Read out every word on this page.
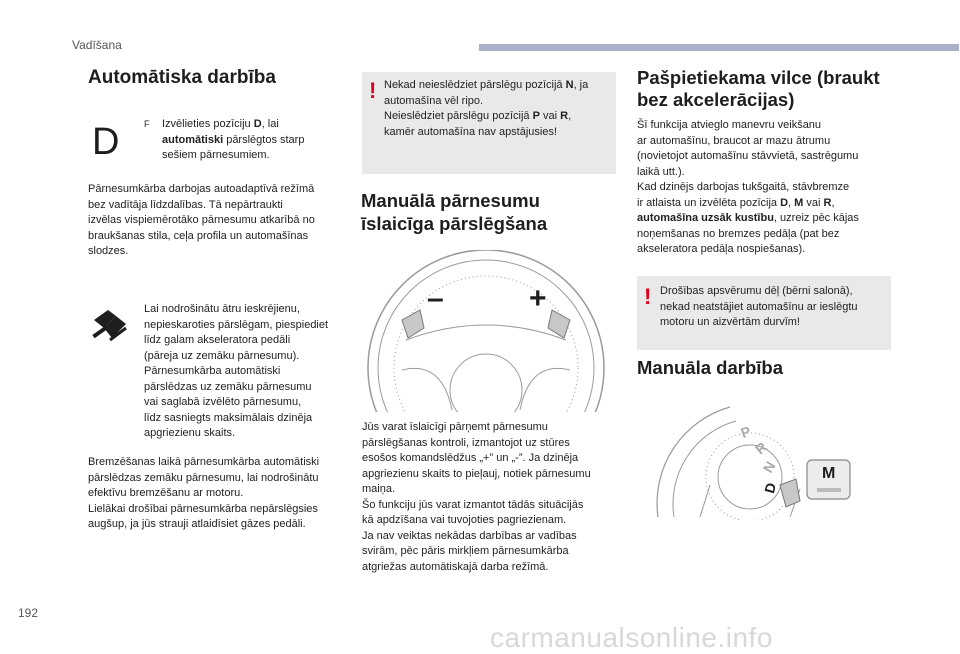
Vadīšana
Automātiska darbība
D	F Izvēlieties pozīciju D, lai
automātiski pārslēgtos starp
sešiem pārnesumiem.
Pārnesumkārba darbojas autoadaptīvā režīmā
bez vadītāja līdzdalības. Tā nepārtraukti
izvēlas vispiemērotāko pārnesumu atkarībā no
braukšanas stila, ceļa profila un automašīnas
slodzes.
Lai nodrošinātu ātru ieskrējienu,
nepieskaroties pārslēgam, piespiediet
līdz galam akseleratora pedāli
(pāreja uz zemāku pārnesumu).
Pārnesumkārba automātiski
pārslēdzas uz zemāku pārnesumu
vai saglabā izvēlēto pārnesumu,
līdz sasniegts maksimālais dzinēja
apgriezienu skaits.
Bremzēšanas laikā pārnesumkārba automātiski
pārslēdzas zemāku pārnesumu, lai nodrošinātu
efektīvu bremzēšanu ar motoru.
Lielākai drošībai pārnesumkārba nepārslēgsies
augšup, ja jūs strauji atlaidīsiet gāzes pedāli.
! Nekad neieslēdziet pārslēgu pozīcijā N, ja
automašīna vēl ripo.
Neieslēdziet pārslēgu pozīcijā P vai R,
kamēr automašīna nav apstājusies!
Manuālā pārnesumu
īslaicīga pārslēgšana
–	+
Jūs varat īslaicīgi pārņemt pārnesumu
pārslēgšanas kontroli, izmantojot uz stūres
esošos komandslēdžus „+” un „-”. Ja dzinēja
apgriezienu skaits to pieļauj, notiek pārnesumu
maiņa.
Šo funkciju jūs varat izmantot tādās situācijās
kā apdzīšana vai tuvojoties pagriezienam.
Ja nav veiktas nekādas darbības ar vadības
svirām, pēc pāris mirkļiem pārnesumkārba
atgriežas automātiskajā darba režīmā.
Pašpietiekama vilce (braukt
bez akcelerācijas)
Šī funkcija atvieglo manevru veikšanu
ar automašīnu, braucot ar mazu ātrumu
(novietojot automašīnu stāvvietā, sastrēgumu
laikā utt.).
Kad dzinējs darbojas tukšgaitā, stāvbremze
ir atlaista un izvēlēta pozīcija D, M vai R,
automašīna uzsāk kustību, uzreiz pēc kājas
noņemšanas no bremzes pedāļa (pat bez
akseleratora pedāļa nospiešanas).
! Drošības apsvērumu dēļ (bērni salonā),
nekad neatstājiet automašīnu ar ieslēgtu
motoru un aizvērtām durvīm!
Manuāla darbība
P
R
N
D
M
192
carmanualsonline.info
